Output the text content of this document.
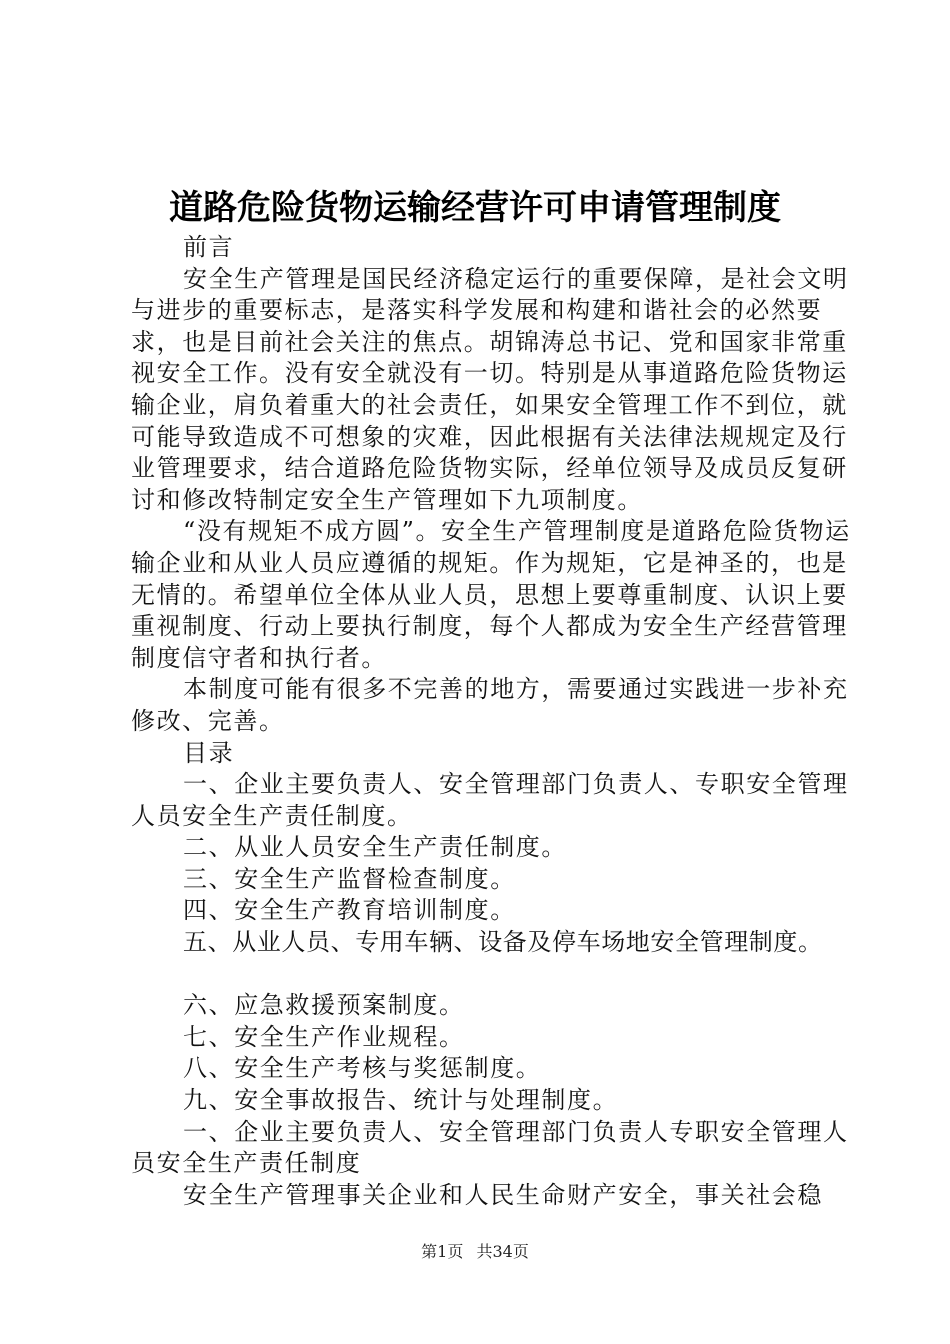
道路危险货物运输经营许可申请管理制度

前言

安全生产管理是国民经济稳定运行的重要保障，是社会文明与进步的重要标志，是落实科学发展和构建和谐社会的必然要求，也是目前社会关注的焦点。胡锦涛总书记、党和国家非常重视安全工作。没有安全就没有一切。特别是从事道路危险货物运输企业，肩负着重大的社会责任，如果安全管理工作不到位，就可能导致造成不可想象的灾难，因此根据有关法律法规规定及行业管理要求，结合道路危险货物实际，经单位领导及成员反复研讨和修改特制定安全生产管理如下九项制度。

“没有规矩不成方圆”。安全生产管理制度是道路危险货物运输企业和从业人员应遵循的规矩。作为规矩，它是神圣的，也是无情的。希望单位全体从业人员，思想上要尊重制度、认识上要重视制度、行动上要执行制度，每个人都成为安全生产经营管理制度信守者和执行者。

本制度可能有很多不完善的地方，需要通过实践进一步补充修改、完善。

目录

一、企业主要负责人、安全管理部门负责人、专职安全管理人员安全生产责任制度。

二、从业人员安全生产责任制度。

三、安全生产监督检查制度。

四、安全生产教育培训制度。

五、从业人员、专用车辆、设备及停车场地安全管理制度。

六、应急救援预案制度。

七、安全生产作业规程。

八、安全生产考核与奖惩制度。

九、安全事故报告、统计与处理制度。

一、企业主要负责人、安全管理部门负责人专职安全管理人员安全生产责任制度

安全生产管理事关企业和人民生命财产安全，事关社会稳

第1页 共34页
